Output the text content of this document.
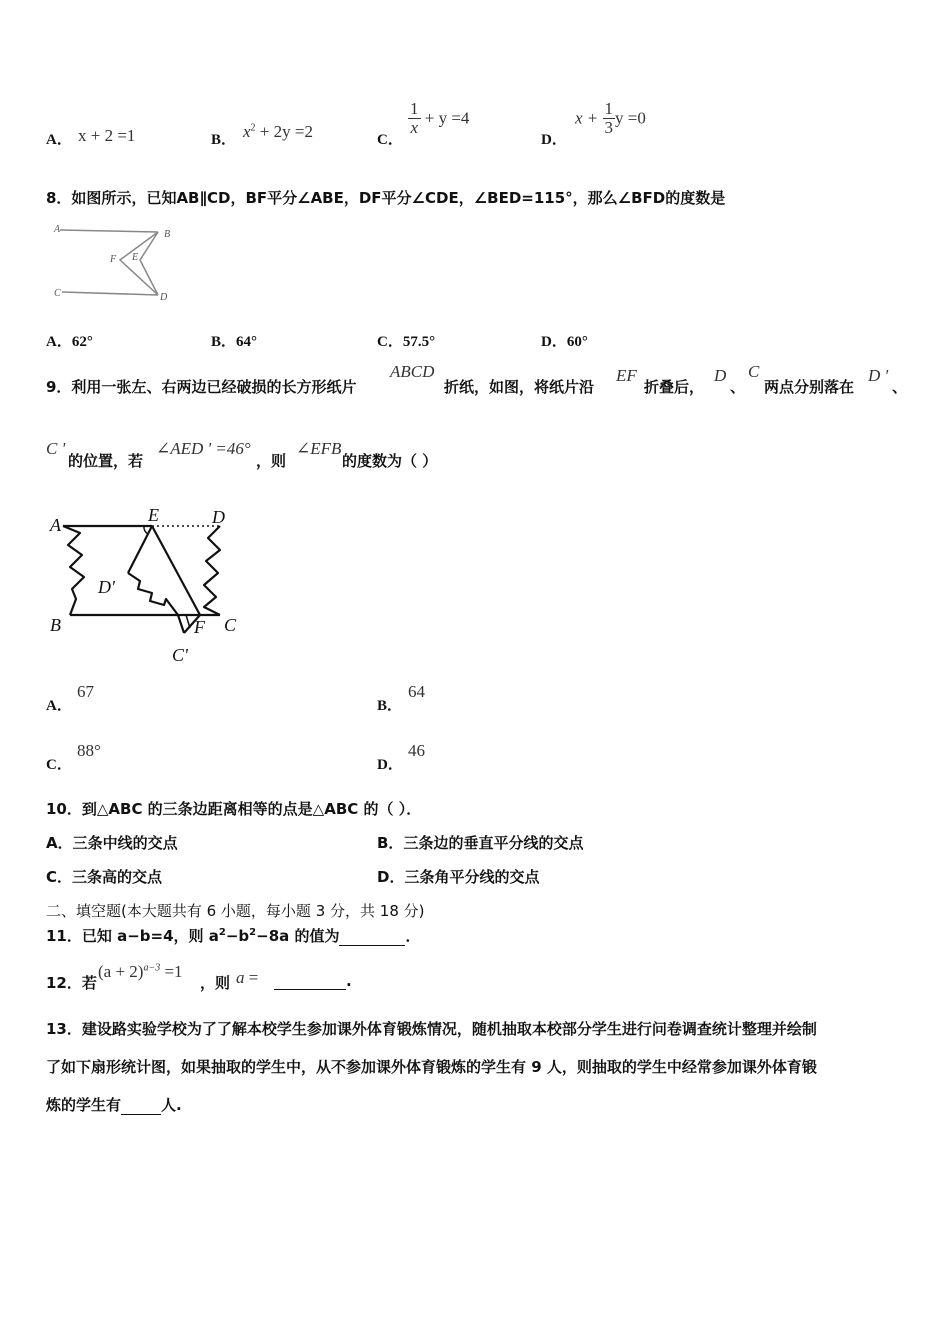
A． x + 2 =1	B． $x^2 + 2y =2$	C．
$\frac{1}{x} + y =4$
D．
$x + \frac{1}{3}$ y =0
8．如图所示，已知AB∥CD，BF平分∠ABE，DF平分∠CDE，∠BED=115°，那么∠BFD的度数是
A	B
C	D
E
F
A．62°	B．64°	C．57.5°	D．60°
9．利用一张左、右两边已经破损的长方形纸片
ABCD
折纸，如图，将纸片沿
EF
折叠后，
D
、
C
两点分别落在
D '
、
C '
的位置，若
∠AED ' =46°
，则
∠EFB
的度数为（ ）
A	E	D
D'
B	F C
C'
A．
67
B．
64
C．
88°
D．
46
10．到△ABC 的三条边距离相等的点是△ABC 的（ ）．
A．三条中线的交点	B．三条边的垂直平分线的交点
C．三条高的交点	D．三条角平分线的交点
二、填空题(本大题共有 6 小题，每小题 3 分，共 18 分)
11．已知 a−b=4，则 $a^2-b^2-8a$ 的值为	．
12．若
$(a + 2)^{a-3} =1$
，则 a =	.
13．建设路实验学校为了了解本校学生参加课外体育锻炼情况，随机抽取本校部分学生进行问卷调查统计整理并绘制
了如下扇形统计图，如果抽取的学生中，从不参加课外体育锻炼的学生有 9 人，则抽取的学生中经常参加课外体育锻
炼的学生有	人.
